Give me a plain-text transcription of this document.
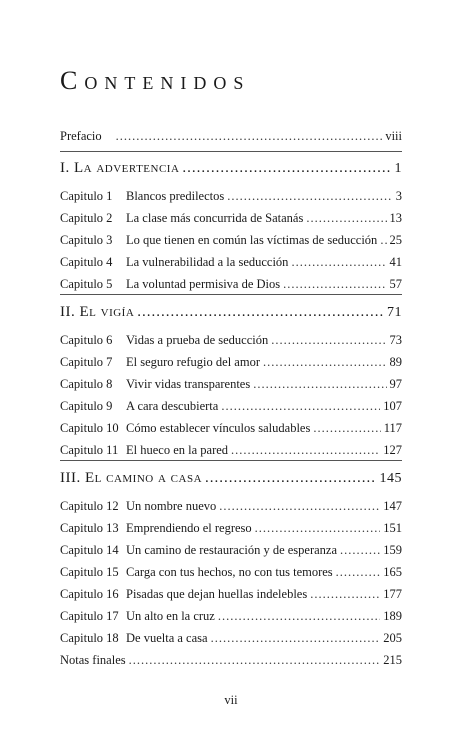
Contenidos
Prefacio .....	viii
I. La advertencia .....	1
Capitulo 1	Blancos predilectos .....	3
Capitulo 2	La clase más concurrida de Satanás .....	13
Capitulo 3	Lo que tienen en común las víctimas de seducción ..... 25
Capitulo 4	La vulnerabilidad a la seducción .....	41
Capitulo 5	La voluntad permisiva de Dios .....	57
II. El vigía .....	71
Capitulo 6	Vidas a prueba de seducción .....	73
Capitulo 7	El seguro refugio del amor .....	89
Capitulo 8	Vivir vidas transparentes .....	97
Capitulo 9	A cara descubierta .....	107
Capitulo 10 Cómo establecer vínculos saludables .....	117
Capitulo 11 El hueco en la pared .....	127
III. El camino a casa .....	145
Capitulo 12 Un nombre nuevo .....	147
Capitulo 13 Emprendiendo el regreso .....	151
Capitulo 14 Un camino de restauración y de esperanza .....	159
Capitulo 15 Carga con tus hechos, no con tus temores .....	165
Capitulo 16 Pisadas que dejan huellas indelebles .....	177
Capitulo 17 Un alto en la cruz .....	189
Capitulo 18 De vuelta a casa .....	205
Notas finales .....	215
vii
